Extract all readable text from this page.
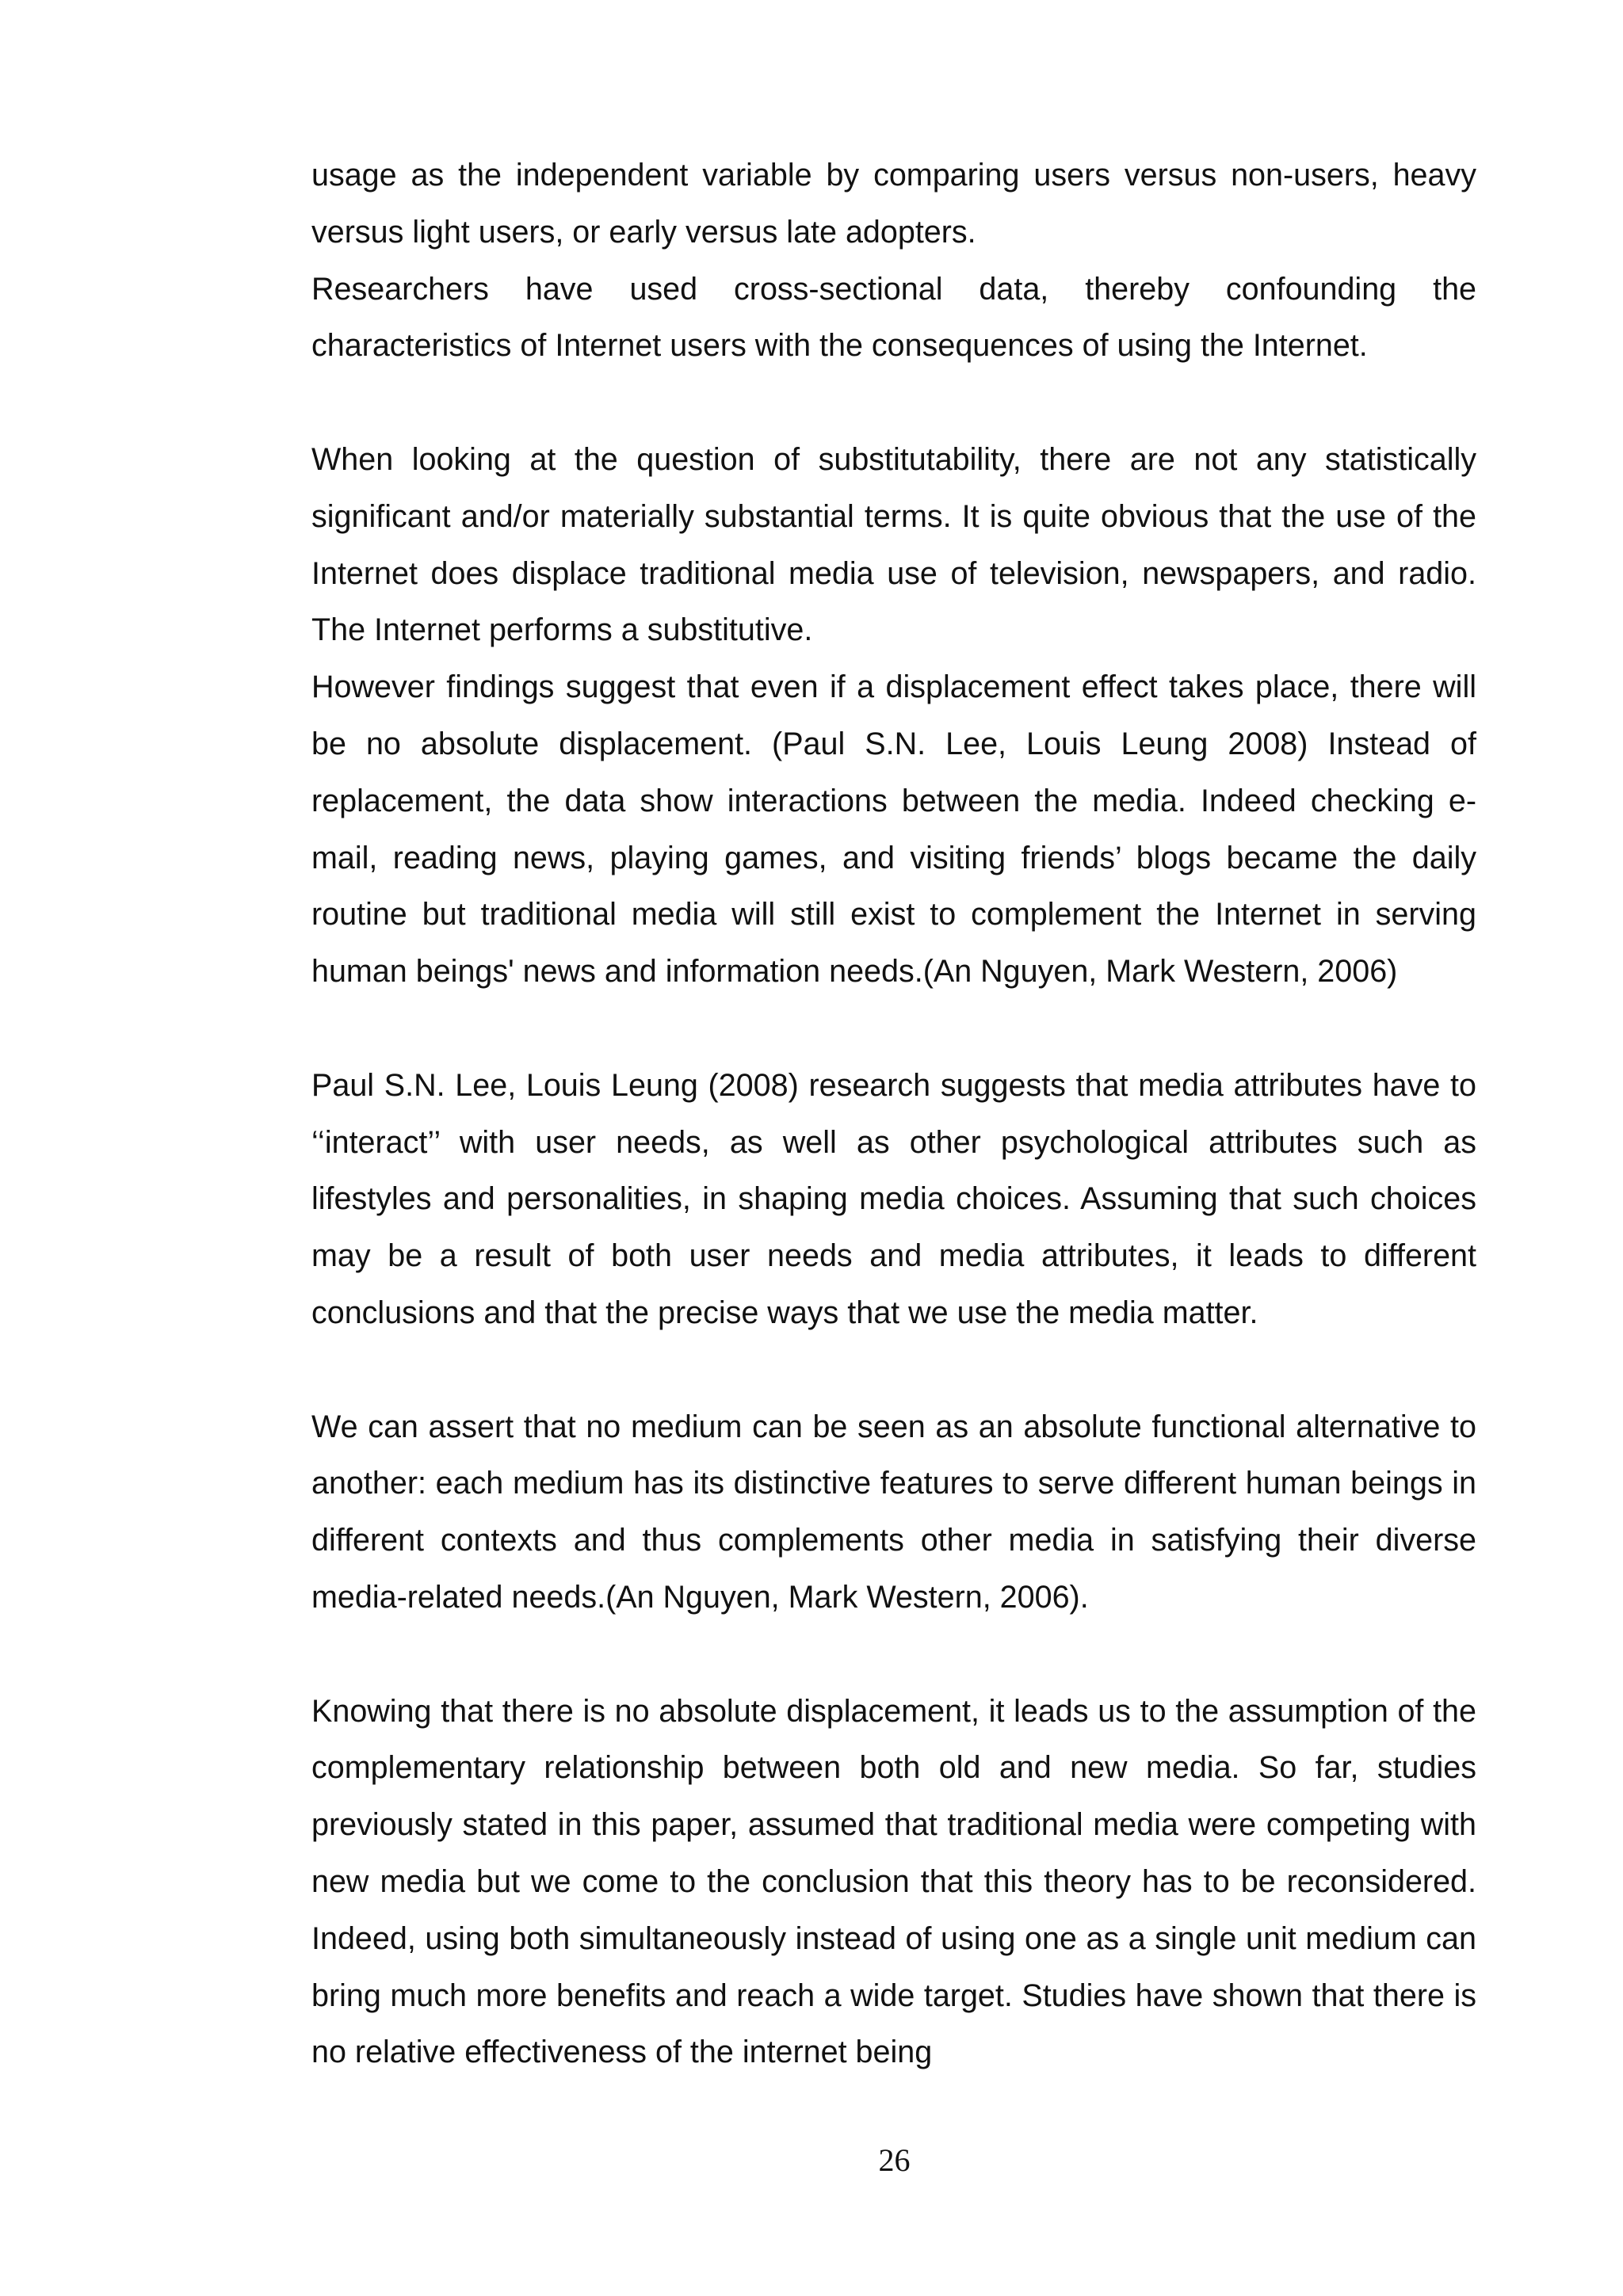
usage as the independent variable by comparing users versus non-users, heavy versus light users, or early versus late adopters.

Researchers have used cross-sectional data, thereby confounding the characteristics of Internet users with the consequences of using the Internet.

When looking at the question of substitutability, there are not any statistically significant and/or materially substantial terms. It is quite obvious that the use of the Internet does displace traditional media use of television, newspapers, and radio. The Internet performs a substitutive.

However findings suggest that even if a displacement effect takes place, there will be no absolute displacement. (Paul S.N. Lee, Louis Leung 2008) Instead of replacement, the data show interactions between the media. Indeed checking e-mail, reading news, playing games, and visiting friends’ blogs became the daily routine but traditional media will still exist to complement the Internet in serving human beings' news and information needs.(An Nguyen, Mark Western, 2006)

Paul S.N. Lee, Louis Leung (2008) research suggests that media attributes have to ‘‘interact’’ with user needs, as well as other psychological attributes such as lifestyles and personalities, in shaping media choices. Assuming that such choices may be a result of both user needs and media attributes, it leads to different conclusions and that the precise ways that we use the media matter.

We can assert that no medium can be seen as an absolute functional alternative to another: each medium has its distinctive features to serve different human beings in different contexts and thus complements other media in satisfying their diverse media-related needs.(An Nguyen, Mark Western, 2006).

Knowing that there is no absolute displacement, it leads us to the assumption of the complementary relationship between both old and new media. So far, studies previously stated in this paper, assumed that traditional media were competing with new media but we come to the conclusion that this theory has to be reconsidered. Indeed, using both simultaneously instead of using one as a single unit medium can bring much more benefits and reach a wide target. Studies have shown that there is no relative effectiveness of the internet being

26
